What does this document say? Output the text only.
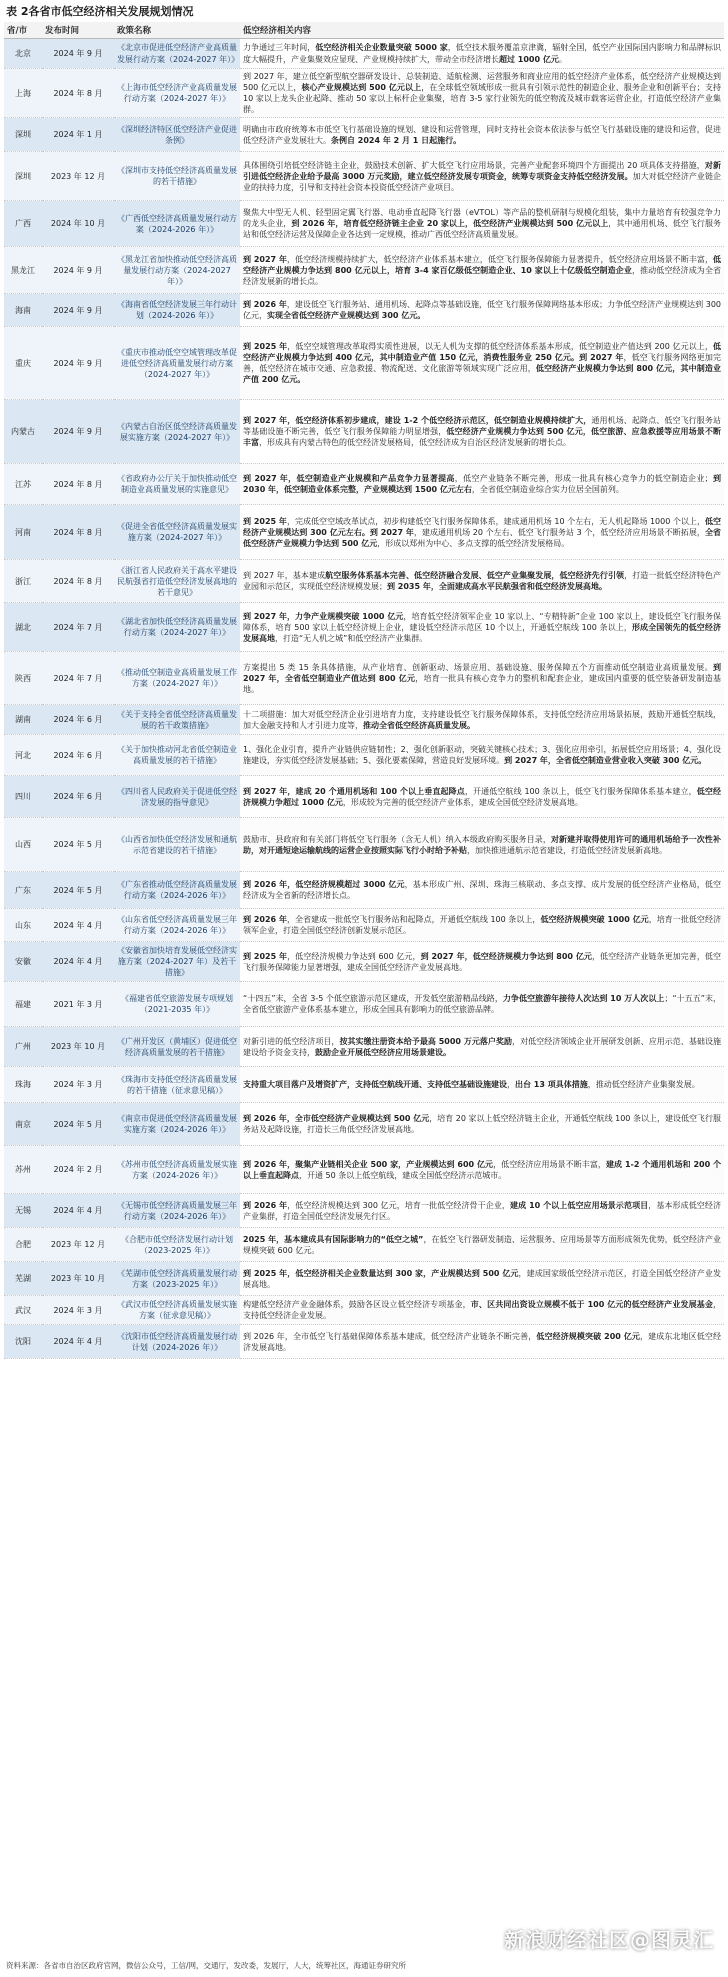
表 2各省市低空经济相关发展规划情况
省/市	发布时间	政策名称	低空经济相关内容
北京	2024 年 9 月	《北京市促进低空经济产业高质量发展行动方案（2024-2027 年）》	力争通过三年时间，低空经济相关企业数量突破 5000 家，低空技术服务覆盖京津冀，辐射全国，低空产业国际国内影响力和品牌标识度大幅提升，产业集聚效应显现、产业规模持续扩大，带动全市经济增长超过 1000 亿元。
上海	2024 年 8 月	《上海市低空经济产业高质量发展行动方案（2024-2027 年）》	到 2027 年，建立低空新型航空器研发设计、总装制造、适航检测、运营服务和商业应用的低空经济产业体系，低空经济产业规模达到 500 亿元以上，核心产业规模达到 500 亿元以上，在全球低空领域形成一批具有引领示范性的制造企业、服务企业和创新平台；支持 10 家以上龙头企业起降、推动 50 家以上标杆企业集聚，培育 3-5 家行业领先的低空物流及城市载客运营企业，打造低空经济产业集群。
深圳	2024 年 1 月	《深圳经济特区低空经济产业促进条例》	明确由市政府统筹本市低空飞行基础设施的规划、建设和运营管理，同时支持社会资本依法参与低空飞行基础设施的建设和运营，促进低空经济产业发展壮大。条例自 2024 年 2 月 1 日起施行。
深圳	2023 年 12 月	《深圳市支持低空经济高质量发展的若干措施》	具体围绕引培低空经济链主企业，鼓励技术创新、扩大低空飞行应用场景，完善产业配套环境四个方面提出 20 项具体支持措施，对新引进低空经济企业给予最高 3000 万元奖励，建立低空经济发展专项资金，统筹专项资金支持低空经济发展。加大对低空经济产业链企业的扶持力度，引导和支持社会资本投资低空经济产业项目。
广西	2024 年 10 月	《广西低空经济高质量发展行动方案（2024-2026 年）》	聚焦大中型无人机、轻型固定翼飞行器、电动垂直起降飞行器（eVTOL）等产品的整机研制与规模化组装，集中力量培育有较强竞争力的龙头企业，到 2026 年，培育低空经济链主企业 20 家以上，低空经济产业规模达到 500 亿元以上，其中通用机场、低空飞行服务站和低空经济运营及保障企业各达到一定规模，推动广西低空经济高质量发展。
黑龙江	2024 年 9 月	《黑龙江省加快推动低空经济高质量发展行动方案（2024-2027 年）》	到 2027 年，低空经济规模持续扩大，低空经济产业体系基本建立，低空飞行服务保障能力显著提升，低空经济应用场景不断丰富，低空经济产业规模力争达到 800 亿元以上，培育 3-4 家百亿级低空制造企业、10 家以上十亿级低空制造企业，推动低空经济成为全省经济发展新的增长点。
海南	2024 年 9 月	《海南省低空经济发展三年行动计划（2024-2026 年）》	到 2026 年，建设低空飞行服务站、通用机场、起降点等基础设施，低空飞行服务保障网络基本形成；力争低空经济产业规模达到 300 亿元，实现全省低空经济产业规模达到 300 亿元。
重庆	2024 年 9 月	《重庆市推动低空空域管理改革促进低空经济高质量发展行动方案（2024-2027 年）》	到 2025 年，低空空域管理改革取得实质性进展，以无人机为支撑的低空经济体系基本形成，低空制造业产值达到 200 亿元以上，低空经济产业规模力争达到 400 亿元，其中制造业产值 150 亿元，消费性服务业 250 亿元。到 2027 年，低空飞行服务网络更加完善，低空经济在城市交通、应急救援、物流配送、文化旅游等领域实现广泛应用，低空经济产业规模力争达到 800 亿元，其中制造业产值 200 亿元。
内蒙古	2024 年 9 月	《内蒙古自治区低空经济高质量发展实施方案（2024-2027 年）》	到 2027 年，低空经济体系初步建成，建设 1-2 个低空经济示范区，低空制造业规模持续扩大，通用机场、起降点、低空飞行服务站等基础设施不断完善，低空飞行服务保障能力明显增强，低空经济产业规模力争达到 500 亿元，低空旅游、应急救援等应用场景不断丰富，形成具有内蒙古特色的低空经济发展格局，低空经济成为自治区经济发展新的增长点。
江苏	2024 年 8 月	《省政府办公厅关于加快推动低空制造业高质量发展的实施意见》	到 2027 年，低空制造业产业规模和产品竞争力显著提高，低空产业链条不断完善，形成一批具有核心竞争力的低空制造企业；到 2030 年，低空制造业体系完整，产业规模达到 1500 亿元左右，全省低空制造业综合实力位居全国前列。
河南	2024 年 8 月	《促进全省低空经济高质量发展实施方案（2024-2027 年）》	到 2025 年，完成低空空域改革试点，初步构建低空飞行服务保障体系，建成通用机场 10 个左右，无人机起降场 1000 个以上，低空经济产业规模达到 300 亿元左右。到 2027 年，建成通用机场 20 个左右、低空飞行服务站 3 个，低空经济应用场景不断拓展，全省低空经济产业规模力争达到 500 亿元，形成以郑州为中心、多点支撑的低空经济发展格局。
浙江	2024 年 8 月	《浙江省人民政府关于高水平建设民航强省打造低空经济发展高地的若干意见》	到 2027 年，基本建成航空服务体系基本完善、低空经济融合发展、低空产业集聚发展，低空经济先行引领，打造一批低空经济特色产业园和示范区，实现低空经济规模发展；到 2035 年，全面建成高水平民航强省和低空经济发展高地。
湖北	2024 年 7 月	《湖北省加快低空经济高质量发展行动方案（2024-2027 年）》	到 2027 年，力争产业规模突破 1000 亿元，培育低空经济领军企业 10 家以上、“专精特新”企业 100 家以上，建设低空飞行服务保障体系，培育 500 家以上低空经济规上企业，建设低空经济示范区 10 个以上，开通低空航线 100 条以上，形成全国领先的低空经济发展高地，打造“无人机之城”和低空经济产业集群。
陕西	2024 年 7 月	《推动低空制造业高质量发展工作方案（2024-2027 年）》	方案提出 5 类 15 条具体措施，从产业培育、创新驱动、场景应用、基础设施、服务保障五个方面推动低空制造业高质量发展。到 2027 年，全省低空制造业产值达到 800 亿元，培育一批具有核心竞争力的整机和配套企业，建成国内重要的低空装备研发制造基地。
湖南	2024 年 6 月	《关于支持全省低空经济高质量发展的若干政策措施》	十二项措施：加大对低空经济企业引进培育力度，支持建设低空飞行服务保障体系，支持低空经济应用场景拓展，鼓励开通低空航线，加大金融支持和人才引进力度等，推动全省低空经济高质量发展。
河北	2024 年 6 月	《关于加快推动河北省低空制造业高质量发展的若干措施》	1、强化企业引育，提升产业链供应链韧性；2、强化创新驱动，突破关键核心技术；3、强化应用牵引，拓展低空应用场景；4、强化设施建设，夯实低空经济发展基础；5、强化要素保障，营造良好发展环境。到 2027 年，全省低空制造业营业收入突破 300 亿元。
四川	2024 年 6 月	《四川省人民政府关于促进低空经济发展的指导意见》	到 2027 年，建成 20 个通用机场和 100 个以上垂直起降点，开通低空航线 100 条以上，低空飞行服务保障体系基本建立，低空经济规模力争超过 1000 亿元，形成较为完善的低空经济产业体系，建成全国低空经济发展高地。
山西	2024 年 5 月	《山西省加快低空经济发展和通航示范省建设的若干措施》	鼓励市、县政府和有关部门将低空飞行服务（含无人机）纳入本级政府购买服务目录，对新建并取得使用许可的通用机场给予一次性补助，对开通短途运输航线的运营企业按照实际飞行小时给予补贴，加快推进通航示范省建设，打造低空经济发展新高地。
广东	2024 年 5 月	《广东省推动低空经济高质量发展行动方案（2024-2026 年）》	到 2026 年，低空经济规模超过 3000 亿元，基本形成广州、深圳、珠海三核联动、多点支撑、成片发展的低空经济产业格局，低空经济成为全省新的经济增长点。
山东	2024 年 4 月	《山东省低空经济高质量发展三年行动方案（2024-2026 年）》	到 2026 年，全省建成一批低空飞行服务站和起降点，开通低空航线 100 条以上，低空经济规模突破 1000 亿元，培育一批低空经济领军企业，打造全国低空经济创新发展示范区。
安徽	2024 年 4 月	《安徽省加快培育发展低空经济实施方案（2024-2027 年）及若干措施》	到 2025 年，低空经济规模力争达到 600 亿元，到 2027 年，低空经济规模力争达到 800 亿元，低空经济产业链条更加完善，低空飞行服务保障能力显著增强，建成全国低空经济产业发展高地。
福建	2021 年 3 月	《福建省低空旅游发展专项规划（2021-2035 年）》	“十四五”末，全省 3-5 个低空旅游示范区建成，开发低空旅游精品线路，力争低空旅游年接待人次达到 10 万人次以上；“十五五”末，全省低空旅游产业体系基本建立，形成全国具有影响力的低空旅游品牌。
广州	2023 年 10 月	《广州开发区（黄埔区）促进低空经济高质量发展的若干措施》	对新引进的低空经济项目，按其实缴注册资本给予最高 5000 万元落户奖励，对低空经济领域企业开展研发创新、应用示范、基础设施建设给予资金支持，鼓励企业开展低空经济应用场景建设。
珠海	2024 年 3 月	《珠海市支持低空经济高质量发展的若干措施（征求意见稿）》	支持重大项目落户及增资扩产，支持低空航线开通、支持低空基础设施建设，出台 13 项具体措施，推动低空经济产业集聚发展。
南京	2024 年 5 月	《南京市促进低空经济高质量发展实施方案（2024-2026 年）》	到 2026 年，全市低空经济产业规模达到 500 亿元，培育 20 家以上低空经济链主企业，开通低空航线 100 条以上，建设低空飞行服务站及起降设施，打造长三角低空经济发展高地。
苏州	2024 年 2 月	《苏州市低空经济高质量发展实施方案（2024-2026 年）》	到 2026 年，聚集产业链相关企业 500 家，产业规模达到 600 亿元，低空经济应用场景不断丰富，建成 1-2 个通用机场和 200 个以上垂直起降点，开通 50 条以上低空航线，建成全国低空经济示范城市。
无锡	2024 年 4 月	《无锡市低空经济高质量发展三年行动方案（2024-2026 年）》	到 2026 年，低空经济规模达到 300 亿元，培育一批低空经济骨干企业，建成 10 个以上低空应用场景示范项目，基本形成低空经济产业集群，打造全国低空经济发展先行区。
合肥	2023 年 12 月	《合肥市低空经济发展行动计划（2023-2025 年）》	2025 年，基本建成具有国际影响力的“低空之城”，在低空飞行器研发制造、运营服务、应用场景等方面形成领先优势，低空经济产业规模突破 600 亿元。
芜湖	2023 年 10 月	《芜湖市低空经济高质量发展行动方案（2023-2025 年）》	到 2025 年，低空经济相关企业数量达到 300 家，产业规模达到 500 亿元，建成国家级低空经济示范区，打造全国低空经济产业发展高地。
武汉	2024 年 3 月	《武汉市低空经济高质量发展实施方案（征求意见稿）》	构建低空经济产业金融体系，鼓励各区设立低空经济专项基金，市、区共同出资设立规模不低于 100 亿元的低空经济产业发展基金，支持低空经济企业发展。
沈阳	2024 年 4 月	《沈阳市低空经济高质量发展行动计划（2024-2026 年）》	到 2026 年，全市低空飞行基础保障体系基本建成，低空经济产业链条不断完善，低空经济规模突破 200 亿元，建成东北地区低空经济发展高地。
资料来源：各省市自治区政府官网，微信公众号，工信/网，交通厅，发改委，发展厅，人大，统筹社区，海通证券研究所
新浪财经社区@图灵汇
